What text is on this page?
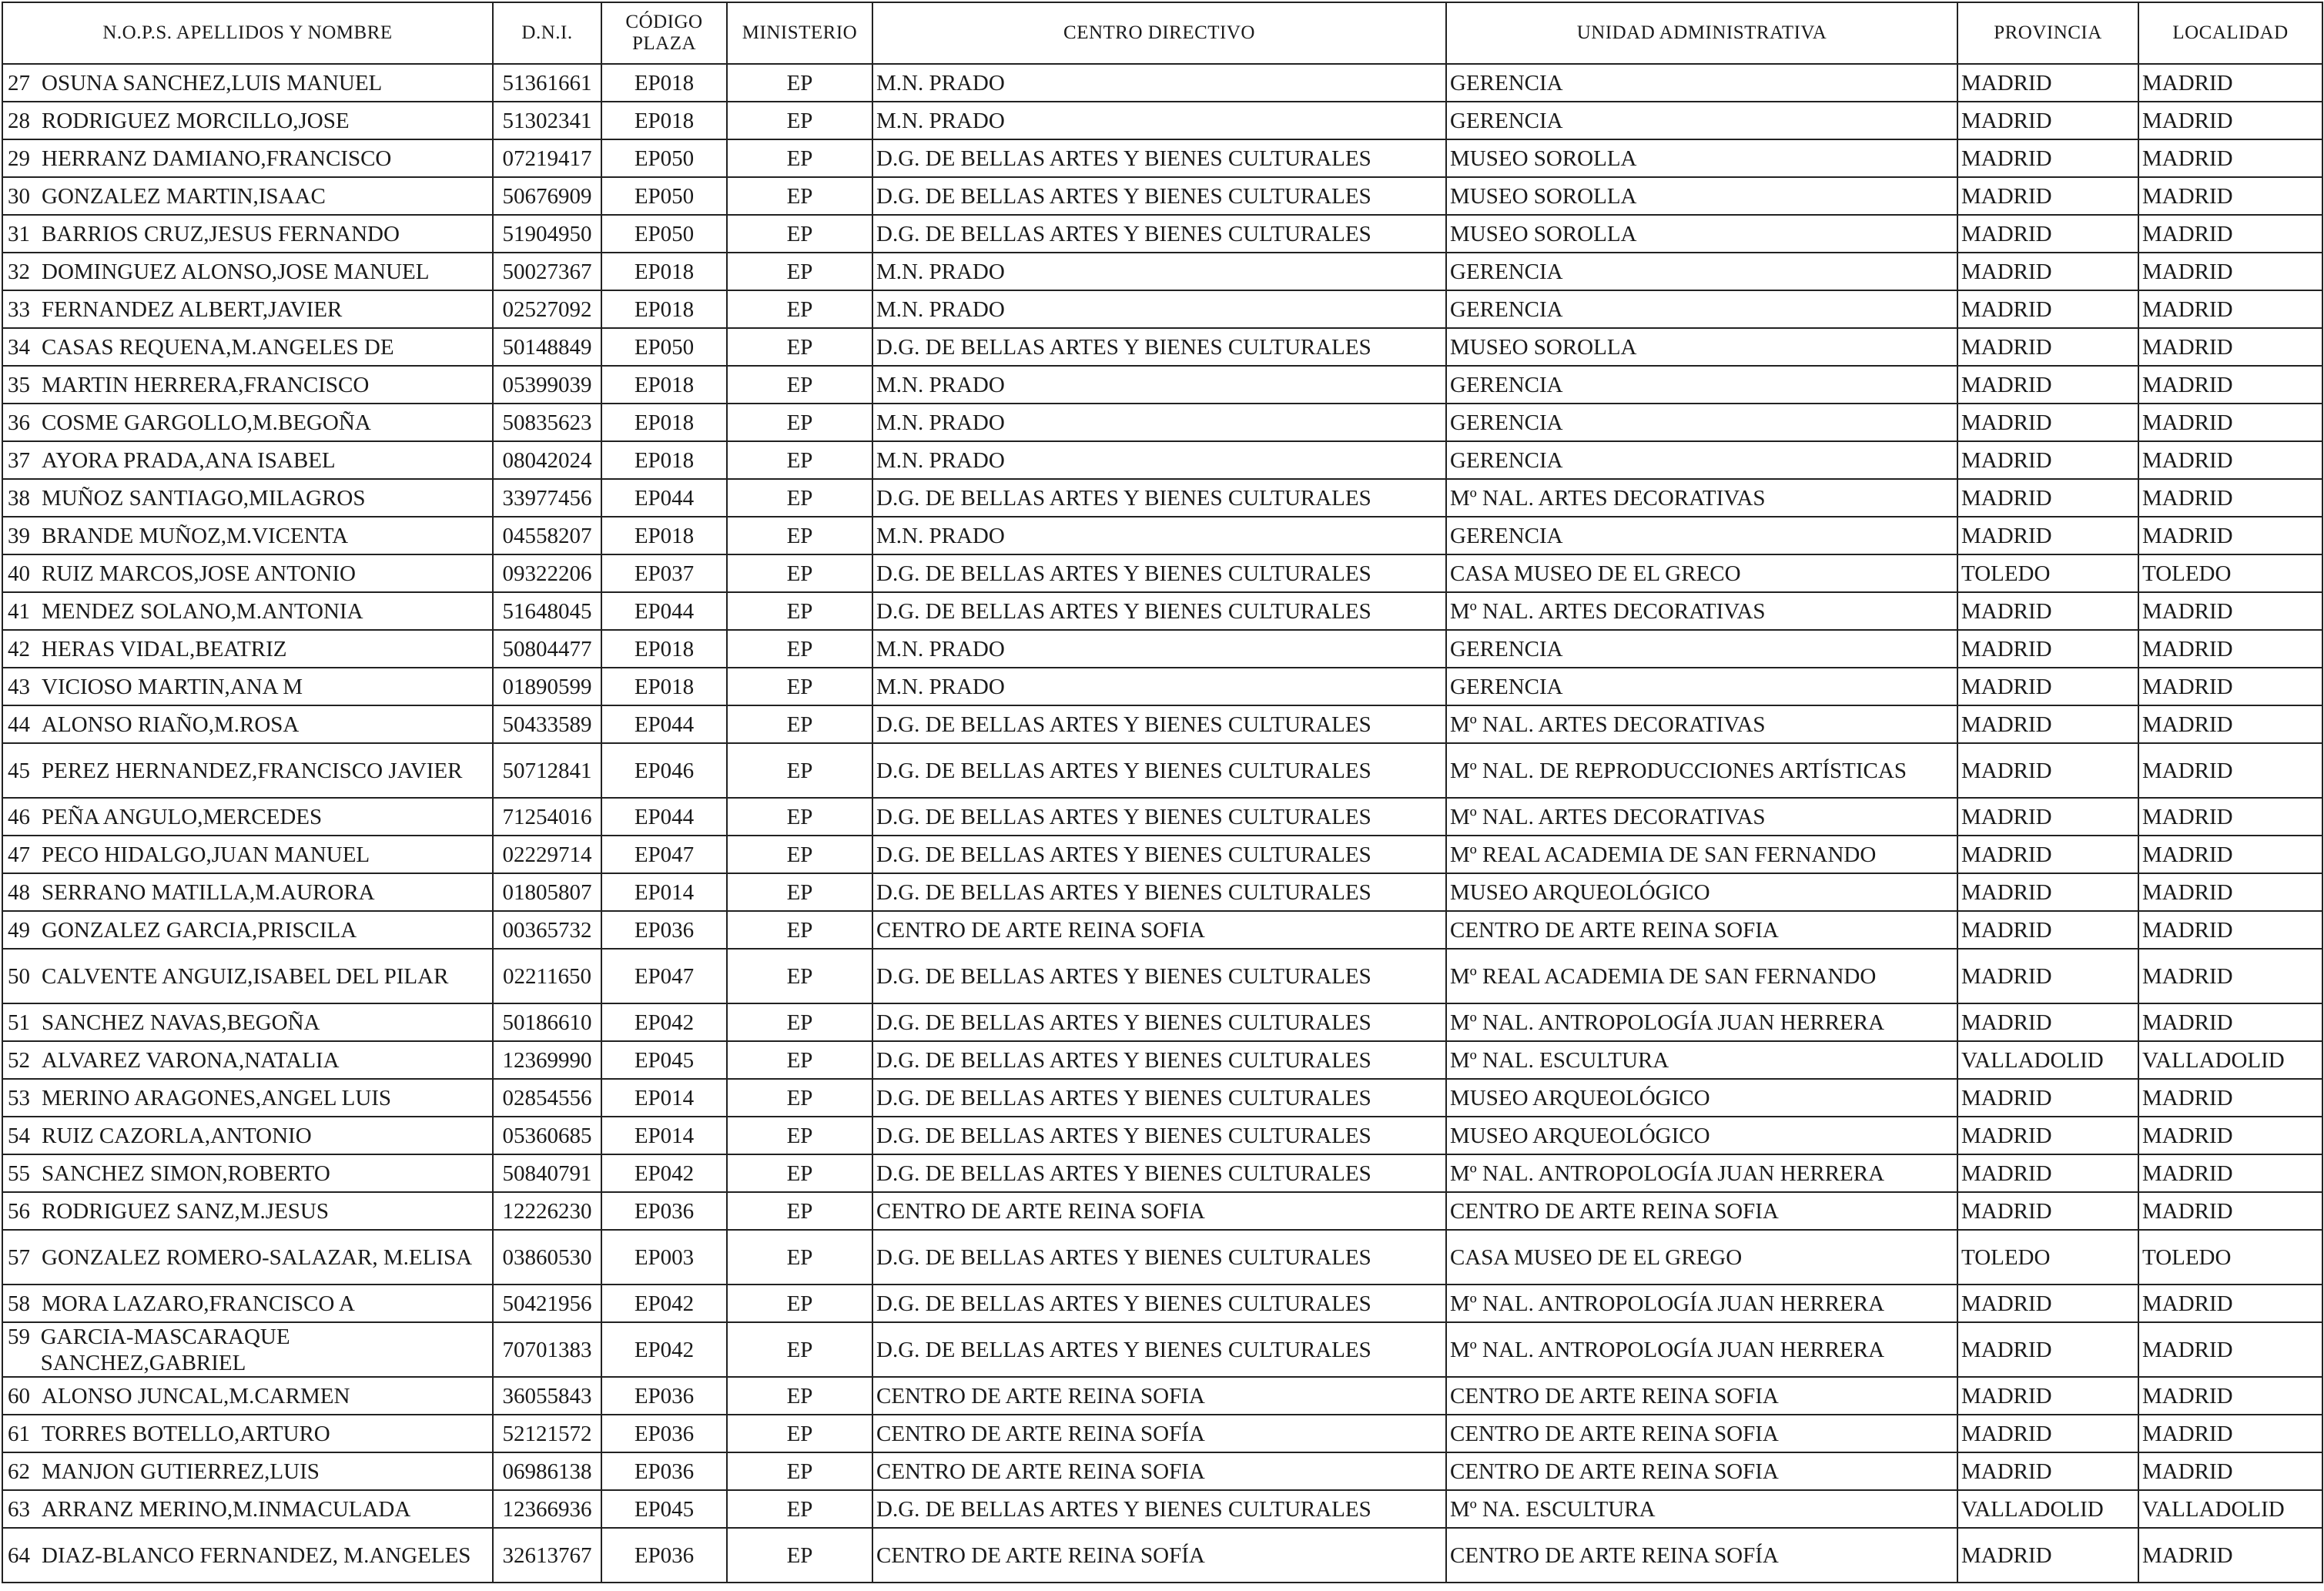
N.O.P.S. APELLIDOS Y NOMBRE	D.N.I.	CÓDIGO PLAZA	MINISTERIO	CENTRO DIRECTIVO	UNIDAD ADMINISTRATIVA	PROVINCIA	LOCALIDAD

27 OSUNA SANCHEZ,LUIS MANUEL	51361661	EP018	EP	M.N. PRADO	GERENCIA	MADRID	MADRID

28 RODRIGUEZ MORCILLO,JOSE	51302341	EP018	EP	M.N. PRADO	GERENCIA	MADRID	MADRID

29 HERRANZ DAMIANO,FRANCISCO	07219417	EP050	EP	D.G. DE BELLAS ARTES Y BIENES CULTURALES	MUSEO SOROLLA	MADRID	MADRID

30 GONZALEZ MARTIN,ISAAC	50676909	EP050	EP	D.G. DE BELLAS ARTES Y BIENES CULTURALES	MUSEO SOROLLA	MADRID	MADRID

31 BARRIOS CRUZ,JESUS FERNANDO	51904950	EP050	EP	D.G. DE BELLAS ARTES Y BIENES CULTURALES	MUSEO SOROLLA	MADRID	MADRID

32 DOMINGUEZ ALONSO,JOSE MANUEL	50027367	EP018	EP	M.N. PRADO	GERENCIA	MADRID	MADRID

33 FERNANDEZ ALBERT,JAVIER	02527092	EP018	EP	M.N. PRADO	GERENCIA	MADRID	MADRID

34 CASAS REQUENA,M.ANGELES DE	50148849	EP050	EP	D.G. DE BELLAS ARTES Y BIENES CULTURALES	MUSEO SOROLLA	MADRID	MADRID

35 MARTIN HERRERA,FRANCISCO	05399039	EP018	EP	M.N. PRADO	GERENCIA	MADRID	MADRID

36 COSME GARGOLLO,M.BEGOÑA	50835623	EP018	EP	M.N. PRADO	GERENCIA	MADRID	MADRID

37 AYORA PRADA,ANA ISABEL	08042024	EP018	EP	M.N. PRADO	GERENCIA	MADRID	MADRID

38 MUÑOZ SANTIAGO,MILAGROS	33977456	EP044	EP	D.G. DE BELLAS ARTES Y BIENES CULTURALES	Mº NAL. ARTES DECORATIVAS	MADRID	MADRID

39 BRANDE MUÑOZ,M.VICENTA	04558207	EP018	EP	M.N. PRADO	GERENCIA	MADRID	MADRID

40 RUIZ MARCOS,JOSE ANTONIO	09322206	EP037	EP	D.G. DE BELLAS ARTES Y BIENES CULTURALES	CASA MUSEO DE EL GRECO	TOLEDO	TOLEDO

41 MENDEZ SOLANO,M.ANTONIA	51648045	EP044	EP	D.G. DE BELLAS ARTES Y BIENES CULTURALES	Mº NAL. ARTES DECORATIVAS	MADRID	MADRID

42 HERAS VIDAL,BEATRIZ	50804477	EP018	EP	M.N. PRADO	GERENCIA	MADRID	MADRID

43 VICIOSO MARTIN,ANA M	01890599	EP018	EP	M.N. PRADO	GERENCIA	MADRID	MADRID

44 ALONSO RIAÑO,M.ROSA	50433589	EP044	EP	D.G. DE BELLAS ARTES Y BIENES CULTURALES	Mº NAL. ARTES DECORATIVAS	MADRID	MADRID

45 PEREZ HERNANDEZ,FRANCISCO JAVIER	50712841	EP046	EP	D.G. DE BELLAS ARTES Y BIENES CULTURALES	Mº NAL. DE REPRODUCCIONES ARTÍSTICAS	MADRID	MADRID

46 PEÑA ANGULO,MERCEDES	71254016	EP044	EP	D.G. DE BELLAS ARTES Y BIENES CULTURALES	Mº NAL. ARTES DECORATIVAS	MADRID	MADRID

47 PECO HIDALGO,JUAN MANUEL	02229714	EP047	EP	D.G. DE BELLAS ARTES Y BIENES CULTURALES	Mº REAL ACADEMIA DE SAN FERNANDO	MADRID	MADRID

48 SERRANO MATILLA,M.AURORA	01805807	EP014	EP	D.G. DE BELLAS ARTES Y BIENES CULTURALES	MUSEO ARQUEOLÓGICO	MADRID	MADRID

49 GONZALEZ GARCIA,PRISCILA	00365732	EP036	EP	CENTRO DE ARTE REINA SOFIA	CENTRO DE ARTE REINA SOFIA	MADRID	MADRID

50 CALVENTE ANGUIZ,ISABEL DEL PILAR	02211650	EP047	EP	D.G. DE BELLAS ARTES Y BIENES CULTURALES	Mº REAL ACADEMIA DE SAN FERNANDO	MADRID	MADRID

51 SANCHEZ NAVAS,BEGOÑA	50186610	EP042	EP	D.G. DE BELLAS ARTES Y BIENES CULTURALES	Mº NAL. ANTROPOLOGÍA JUAN HERRERA	MADRID	MADRID

52 ALVAREZ VARONA,NATALIA	12369990	EP045	EP	D.G. DE BELLAS ARTES Y BIENES CULTURALES	Mº NAL. ESCULTURA	VALLADOLID	VALLADOLID

53 MERINO ARAGONES,ANGEL LUIS	02854556	EP014	EP	D.G. DE BELLAS ARTES Y BIENES CULTURALES	MUSEO ARQUEOLÓGICO	MADRID	MADRID

54 RUIZ CAZORLA,ANTONIO	05360685	EP014	EP	D.G. DE BELLAS ARTES Y BIENES CULTURALES	MUSEO ARQUEOLÓGICO	MADRID	MADRID

55 SANCHEZ SIMON,ROBERTO	50840791	EP042	EP	D.G. DE BELLAS ARTES Y BIENES CULTURALES	Mº NAL. ANTROPOLOGÍA JUAN HERRERA	MADRID	MADRID

56 RODRIGUEZ SANZ,M.JESUS	12226230	EP036	EP	CENTRO DE ARTE REINA SOFIA	CENTRO DE ARTE REINA SOFIA	MADRID	MADRID

57 GONZALEZ ROMERO-SALAZAR, M.ELISA	03860530	EP003	EP	D.G. DE BELLAS ARTES Y BIENES CULTURALES	CASA MUSEO DE EL GREGO	TOLEDO	TOLEDO

58 MORA LAZARO,FRANCISCO A	50421956	EP042	EP	D.G. DE BELLAS ARTES Y BIENES CULTURALES	Mº NAL. ANTROPOLOGÍA JUAN HERRERA	MADRID	MADRID

59 GARCIA-MASCARAQUE SANCHEZ,GABRIEL	70701383	EP042	EP	D.G. DE BELLAS ARTES Y BIENES CULTURALES	Mº NAL. ANTROPOLOGÍA JUAN HERRERA	MADRID	MADRID

60 ALONSO JUNCAL,M.CARMEN	36055843	EP036	EP	CENTRO DE ARTE REINA SOFIA	CENTRO DE ARTE REINA SOFIA	MADRID	MADRID

61 TORRES BOTELLO,ARTURO	52121572	EP036	EP	CENTRO DE ARTE REINA SOFÍA	CENTRO DE ARTE REINA SOFIA	MADRID	MADRID

62 MANJON GUTIERREZ,LUIS	06986138	EP036	EP	CENTRO DE ARTE REINA SOFIA	CENTRO DE ARTE REINA SOFIA	MADRID	MADRID

63 ARRANZ MERINO,M.INMACULADA	12366936	EP045	EP	D.G. DE BELLAS ARTES Y BIENES CULTURALES	Mº NA. ESCULTURA	VALLADOLID	VALLADOLID

64 DIAZ-BLANCO FERNANDEZ, M.ANGELES	32613767	EP036	EP	CENTRO DE ARTE REINA SOFÍA	CENTRO DE ARTE REINA SOFÍA	MADRID	MADRID
